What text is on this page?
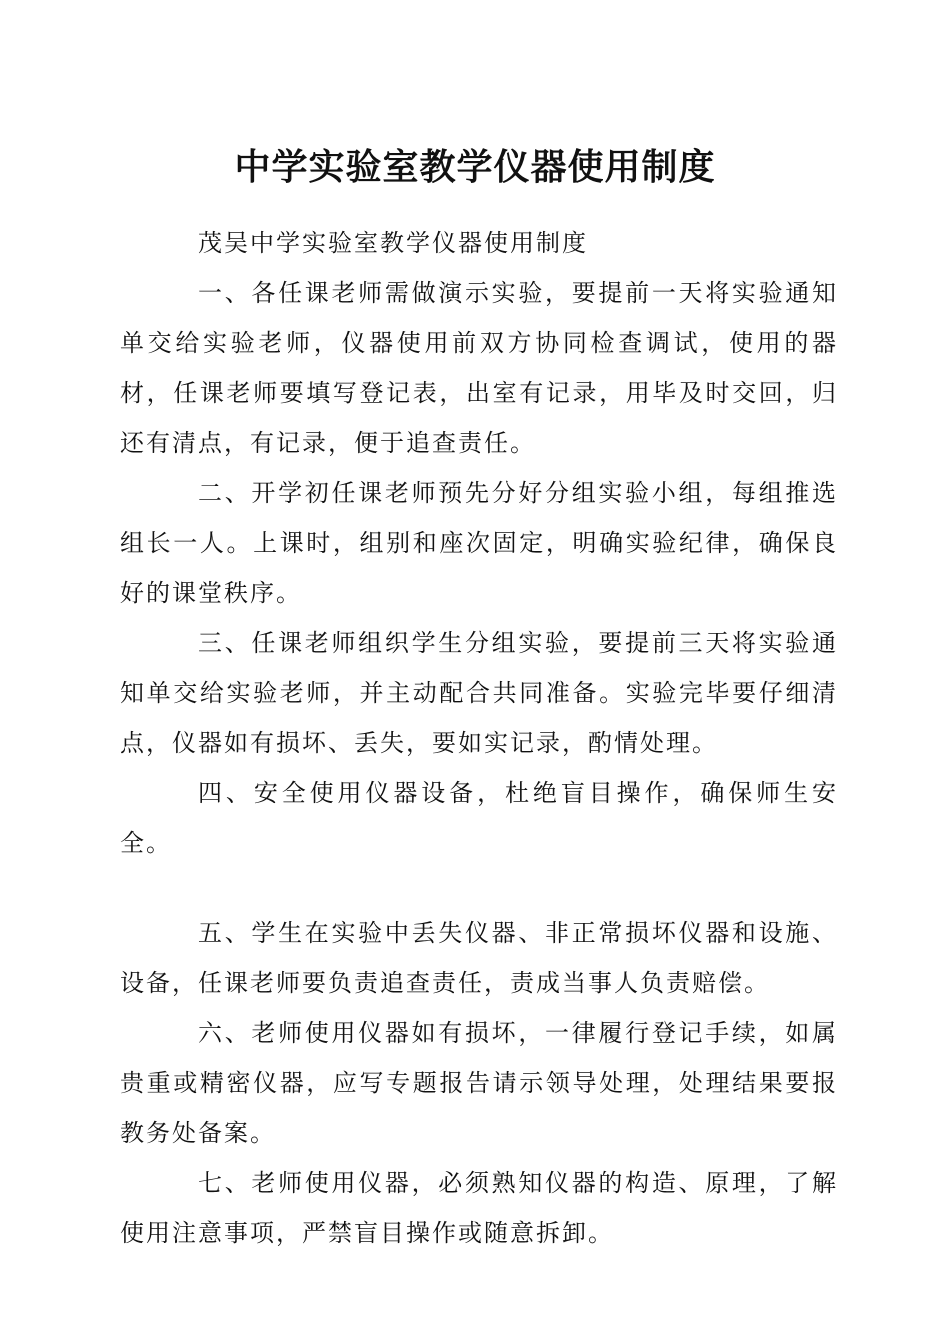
中学实验室教学仪器使用制度

茂吴中学实验室教学仪器使用制度

一、各任课老师需做演示实验，要提前一天将实验通知单交给实验老师，仪器使用前双方协同检查调试，使用的器材，任课老师要填写登记表，出室有记录，用毕及时交回，归还有清点，有记录，便于追查责任。

二、开学初任课老师预先分好分组实验小组，每组推选组长一人。上课时，组别和座次固定，明确实验纪律，确保良好的课堂秩序。

三、任课老师组织学生分组实验，要提前三天将实验通知单交给实验老师，并主动配合共同准备。实验完毕要仔细清点，仪器如有损坏、丢失，要如实记录，酌情处理。

四、安全使用仪器设备，杜绝盲目操作，确保师生安全。

五、学生在实验中丢失仪器、非正常损坏仪器和设施、设备，任课老师要负责追查责任，责成当事人负责赔偿。

六、老师使用仪器如有损坏，一律履行登记手续，如属贵重或精密仪器，应写专题报告请示领导处理，处理结果要报教务处备案。

七、老师使用仪器，必须熟知仪器的构造、原理，了解使用注意事项，严禁盲目操作或随意拆卸。
